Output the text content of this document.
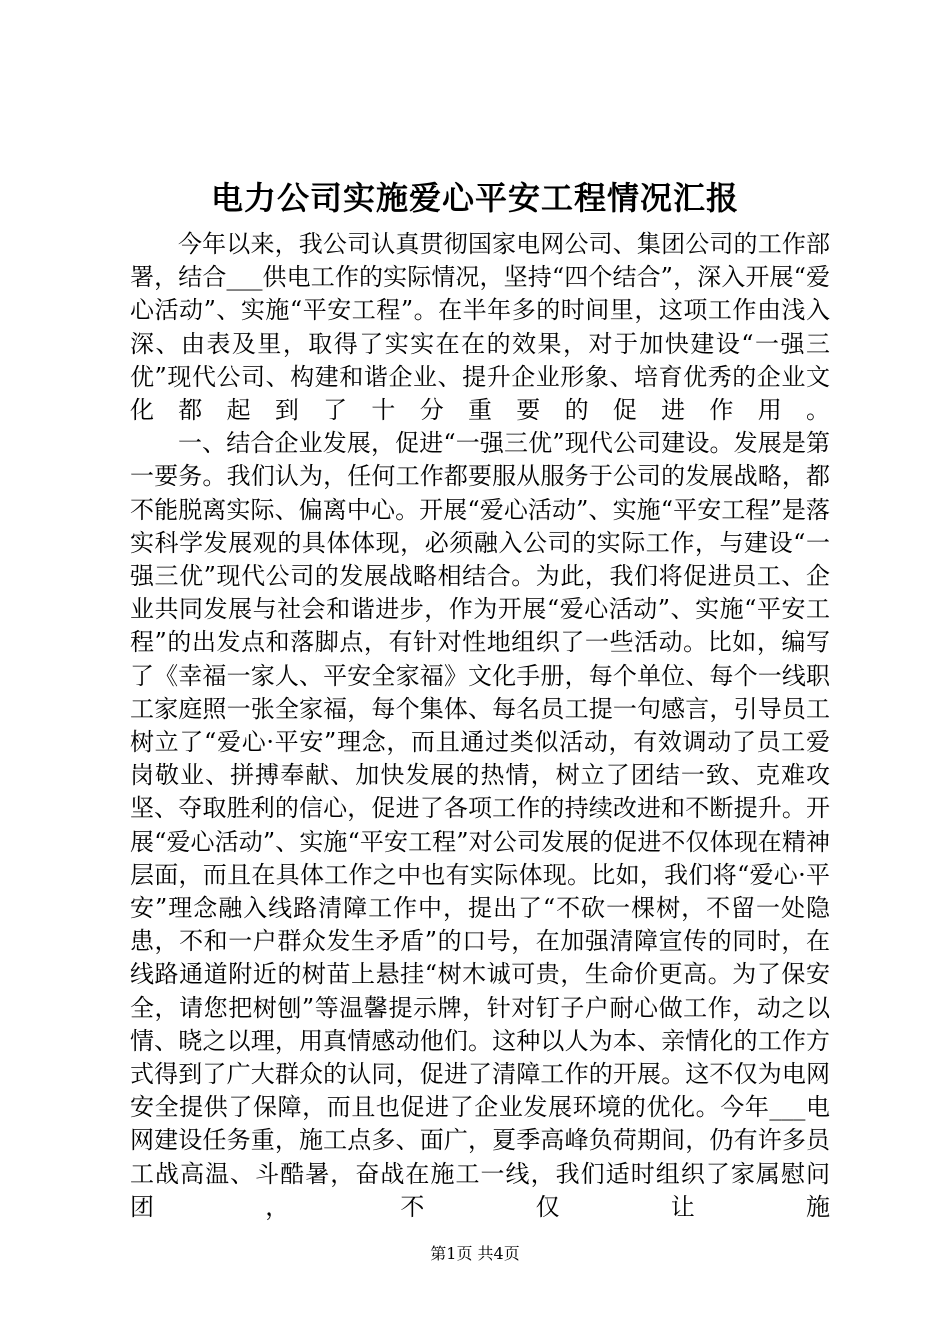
电力公司实施爱心平安工程情况汇报

今年以来，我公司认真贯彻国家电网公司、集团公司的工作部署，结合___供电工作的实际情况，坚持“四个结合”，深入开展“爱心活动”、实施“平安工程”。在半年多的时间里，这项工作由浅入深、由表及里，取得了实实在在的效果，对于加快建设“一强三优”现代公司、构建和谐企业、提升企业形象、培育优秀的企业文化都起到了十分重要的促进作用。

一、结合企业发展，促进“一强三优”现代公司建设。发展是第一要务。我们认为，任何工作都要服从服务于公司的发展战略，都不能脱离实际、偏离中心。开展“爱心活动”、实施“平安工程”是落实科学发展观的具体体现，必须融入公司的实际工作，与建设“一强三优”现代公司的发展战略相结合。为此，我们将促进员工、企业共同发展与社会和谐进步，作为开展“爱心活动”、实施“平安工程”的出发点和落脚点，有针对性地组织了一些活动。比如，编写了《幸福一家人、平安全家福》文化手册，每个单位、每个一线职工家庭照一张全家福，每个集体、每名员工提一句感言，引导员工树立了“爱心·平安”理念，而且通过类似活动，有效调动了员工爱岗敬业、拼搏奉献、加快发展的热情，树立了团结一致、克难攻坚、夺取胜利的信心，促进了各项工作的持续改进和不断提升。开展“爱心活动”、实施“平安工程”对公司发展的促进不仅体现在精神层面，而且在具体工作之中也有实际体现。比如，我们将“爱心·平安”理念融入线路清障工作中，提出了“不砍一棵树，不留一处隐患，不和一户群众发生矛盾”的口号，在加强清障宣传的同时，在线路通道附近的树苗上悬挂“树木诚可贵，生命价更高。为了保安全，请您把树刨”等温馨提示牌，针对钉子户耐心做工作，动之以情、晓之以理，用真情感动他们。这种以人为本、亲情化的工作方式得到了广大群众的认同，促进了清障工作的开展。这不仅为电网安全提供了保障，而且也促进了企业发展环境的优化。今年___电网建设任务重，施工点多、面广，夏季高峰负荷期间，仍有许多员工战高温、斗酷暑，奋战在施工一线，我们适时组织了家属慰问团，不仅让施

第1页 共4页
